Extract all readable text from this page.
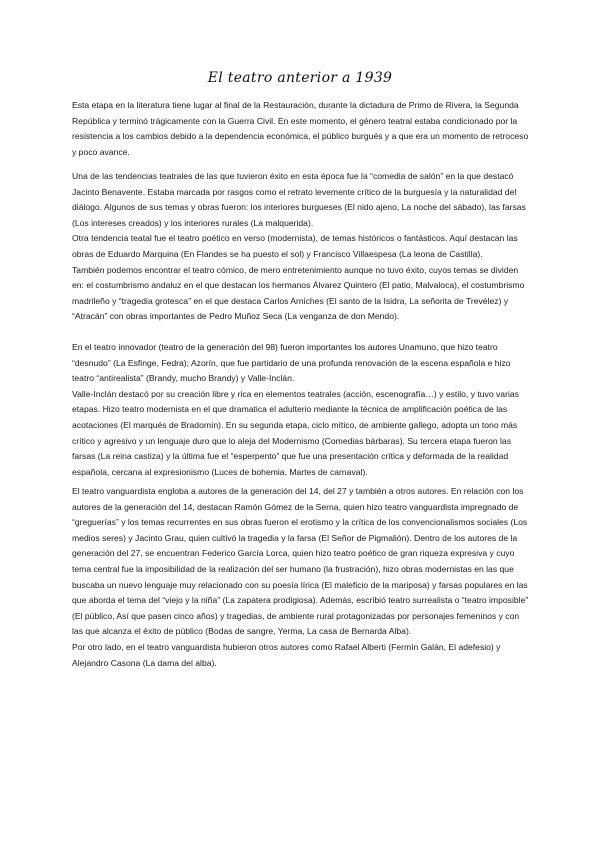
El teatro anterior a 1939

Esta etapa en la literatura tiene lugar al final de la Restauración, durante la dictadura de Primo de Rivera, la Segunda República y terminó trágicamente con la Guerra Civil. En este momento, el género teatral estaba condicionado por la resistencia a los cambios debido a la dependencia económica, el público burgués y a que era un momento de retroceso y poco avance.

Una de las tendencias teatrales de las que tuvieron éxito en esta época fue la “comedia de salón” en la que destacó Jacinto Benavente. Estaba marcada por rasgos como el retrato levemente crítico de la burguesía y la naturalidad del diálogo. Algunos de sus temas y obras fueron: los interiores burgueses (El nido ajeno, La noche del sábado), las farsas (Los intereses creados) y los interiores rurales (La malquerida).

Otra tendencia teatal fue el teatro poético en verso (modernista), de temas históricos o fantásticos. Aquí destacan las obras de Eduardo Marquina (En Flandes se ha puesto el sol) y Francisco Villaespesa (La leona de Castilla).

También podemos encontrar el teatro cómico, de mero entretenimiento aunque no tuvo éxito, cuyos temas se dividen en: el costumbrismo andaluz en el que destacan los hermanos Álvarez Quintero (El patio, Malvaloca), el costumbrismo madrileño y “tragedia grotesca” en el que destaca Carlos Arniches (El santo de la Isidra, La señorita de Trevélez) y “Atracán” con obras importantes de Pedro Muñoz Seca (La venganza de don Mendo).

En el teatro innovador (teatro de la generación del 98) fueron importantes los autores Unamuno, que hizo teatro “desnudo” (La Esfinge, Fedra); Azorín, que fue partidario de una profunda renovación de la escena española e hizo teatro “antirealista” (Brandy, mucho Brandy) y Valle-Inclán.

Valle-Inclán destacó por su creación libre y rica en elementos teatrales (acción, escenografía…) y estilo, y tuvo varias etapas. Hizo teatro modernista en el que dramatica el adulterio mediante la técnica de amplificación poética de las acotaciones (El marqués de Bradomín). En su segunda etapa, ciclo mítico, de ambiente gallego, adopta un tono más crítico y agresivo y un lenguaje duro que lo aleja del Modernismo (Comedias bárbaras). Su tercera etapa fueron las farsas (La reina castiza) y la última fue el “esperpento” que fue una presentación crítica y deformada de la realidad española, cercana al expresionismo (Luces de bohemia, Martes de carnaval).

El teatro vanguardista engloba a autores de la generación del 14, del 27 y también a otros autores. En relación con los autores de la generación del 14, destacan Ramón Gómez de la Serna, quien hizo teatro vanguardista impregnado de “greguerías” y los temas recurrentes en sus obras fueron el erotismo y la crítica de los convencionalismos sociales (Los medios seres) y Jacinto Grau, quien cultivó la tragedia y la farsa (El Señor de Pigmalión). Dentro de los autores de la generación del 27, se encuentran Federico García Lorca, quien hizo teatro poético de gran riqueza expresiva y cuyo tema central fue la imposibilidad de la realización del ser humano (la frustración), hizo obras modernistas en las que buscaba un nuevo lenguaje muy relacionado con su poesía lírica (El maleficio de la mariposa) y farsas populares en las que aborda el tema del “viejo y la niña” (La zapatera prodigiosa). Además, escribió teatro surrealista o “teatro imposible” (El público, Así que pasen cinco años) y tragedias, de ambiente rural protagonizadas por personajes femeninos y con las que alcanza el éxito de público (Bodas de sangre, Yerma, La casa de Bernarda Alba).

Por otro lado, en el teatro vanguardista hubieron otros autores como Rafael Alberti (Fermín Galán, El adefesio) y Alejandro Casona (La dama del alba).
